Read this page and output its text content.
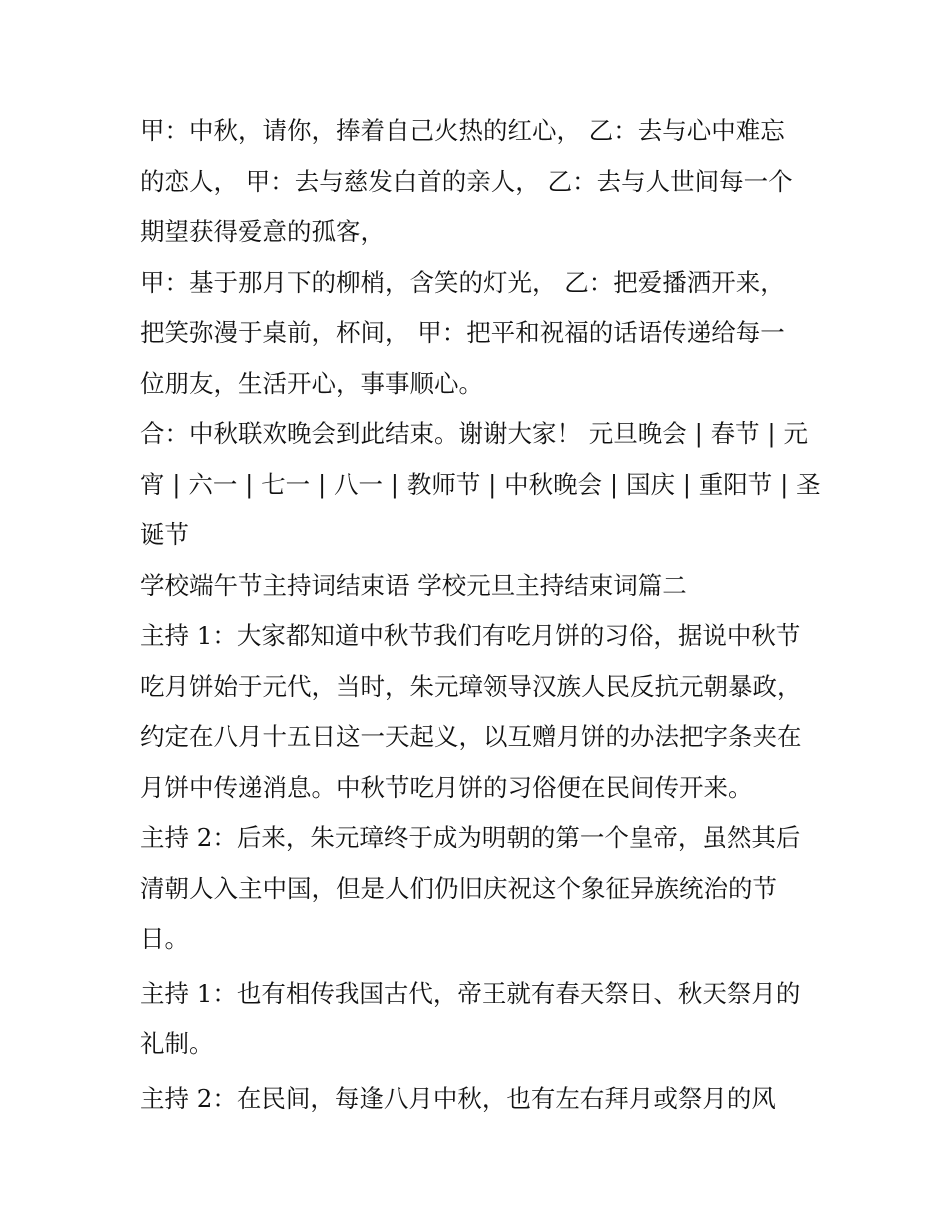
甲：中秋，请你，捧着自己火热的红心， 乙：去与心中难忘
的恋人， 甲：去与慈发白首的亲人， 乙：去与人世间每一个
期望获得爱意的孤客，
甲：基于那月下的柳梢，含笑的灯光， 乙：把爱播洒开来，
把笑弥漫于桌前，杯间， 甲：把平和祝福的话语传递给每一
位朋友，生活开心，事事顺心。
合：中秋联欢晚会到此结束。谢谢大家！ 元旦晚会 | 春节 | 元
宵 | 六一 | 七一 | 八一 | 教师节 | 中秋晚会 | 国庆 | 重阳节 | 圣
诞节
学校端午节主持词结束语 学校元旦主持结束词篇二
主持 1：大家都知道中秋节我们有吃月饼的习俗，据说中秋节
吃月饼始于元代，当时，朱元璋领导汉族人民反抗元朝暴政，
约定在八月十五日这一天起义，以互赠月饼的办法把字条夹在
月饼中传递消息。中秋节吃月饼的习俗便在民间传开来。
主持 2：后来，朱元璋终于成为明朝的第一个皇帝，虽然其后
清朝人入主中国，但是人们仍旧庆祝这个象征异族统治的节
日。
主持 1：也有相传我国古代，帝王就有春天祭日、秋天祭月的
礼制。
主持 2：在民间，每逢八月中秋，也有左右拜月或祭月的风
